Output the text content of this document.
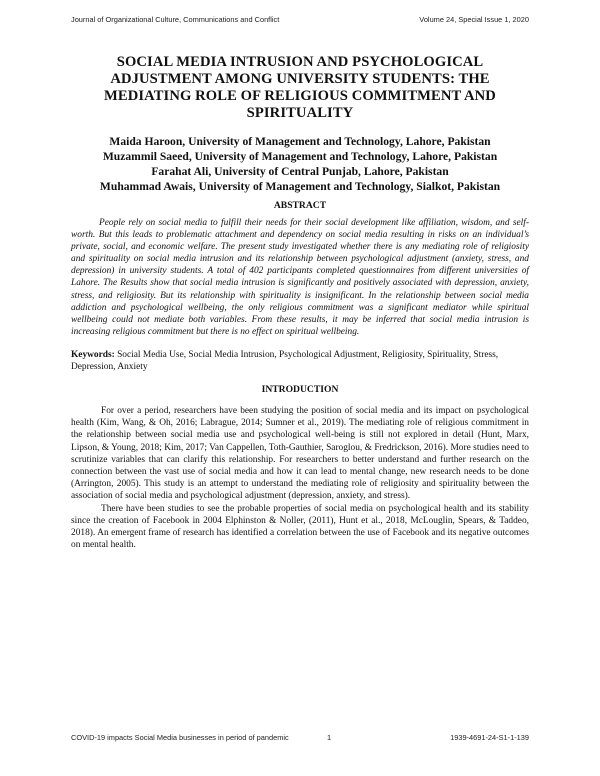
Journal of Organizational Culture, Communications and Conflict	Volume 24, Special Issue 1, 2020
SOCIAL MEDIA INTRUSION AND PSYCHOLOGICAL ADJUSTMENT AMONG UNIVERSITY STUDENTS: THE MEDIATING ROLE OF RELIGIOUS COMMITMENT AND SPIRITUALITY
Maida Haroon, University of Management and Technology, Lahore, Pakistan
Muzammil Saeed, University of Management and Technology, Lahore, Pakistan
Farahat Ali, University of Central Punjab, Lahore, Pakistan
Muhammad Awais, University of Management and Technology, Sialkot, Pakistan
ABSTRACT

People rely on social media to fulfill their needs for their social development like affiliation, wisdom, and self-worth. But this leads to problematic attachment and dependency on social media resulting in risks on an individual’s private, social, and economic welfare. The present study investigated whether there is any mediating role of religiosity and spirituality on social media intrusion and its relationship between psychological adjustment (anxiety, stress, and depression) in university students. A total of 402 participants completed questionnaires from different universities of Lahore. The Results show that social media intrusion is significantly and positively associated with depression, anxiety, stress, and religiosity. But its relationship with spirituality is insignificant. In the relationship between social media addiction and psychological wellbeing, the only religious commitment was a significant mediator while spiritual wellbeing could not mediate both variables. From these results, it may be inferred that social media intrusion is increasing religious commitment but there is no effect on spiritual wellbeing.

Keywords: Social Media Use, Social Media Intrusion, Psychological Adjustment, Religiosity, Spirituality, Stress, Depression, Anxiety

INTRODUCTION

For over a period, researchers have been studying the position of social media and its impact on psychological health (Kim, Wang, & Oh, 2016; Labrague, 2014; Sumner et al., 2019). The mediating role of religious commitment in the relationship between social media use and psychological well-being is still not explored in detail (Hunt, Marx, Lipson, & Young, 2018; Kim, 2017; Van Cappellen, Toth-Gauthier, Saroglou, & Fredrickson, 2016). More studies need to scrutinize variables that can clarify this relationship. For researchers to better understand and further research on the connection between the vast use of social media and how it can lead to mental change, new research needs to be done (Arrington, 2005). This study is an attempt to understand the mediating role of religiosity and spirituality between the association of social media and psychological adjustment (depression, anxiety, and stress).

There have been studies to see the probable properties of social media on psychological health and its stability since the creation of Facebook in 2004 Elphinston & Noller, (2011), Hunt et al., 2018, McLouglin, Spears, & Taddeo, 2018). An emergent frame of research has identified a correlation between the use of Facebook and its negative outcomes on mental health.

COVID-19 impacts Social Media businesses in period of pandemic	1	1939-4691-24-S1-1-139
